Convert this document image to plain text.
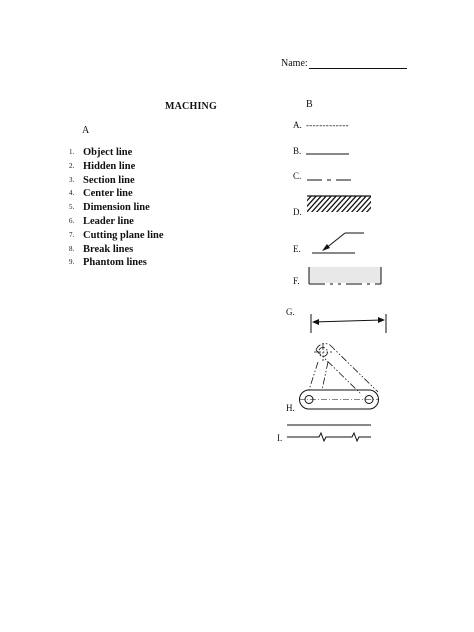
Name:
MACHING
A
1. Object line
2. Hidden line
3. Section line
4. Center line
5. Dimension line
6. Leader line
7. Cutting plane line
8. Break lines
9. Phantom lines
B
A. -------------
B.
C.
D.
E.
F.
G.
H.
I.
